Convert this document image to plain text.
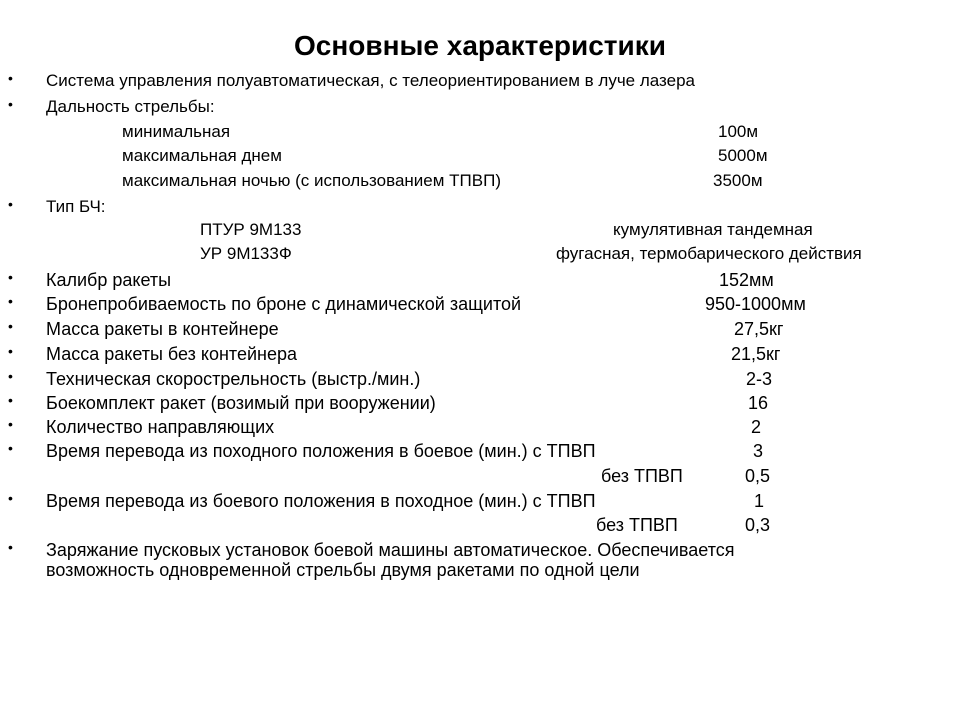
Основные характеристики
•
•
•
•
•
•
•
•
•
•
•
•
•
Система управления полуавтоматическая, с телеориентированием в луче лазера
Дальность стрельбы:
минимальная	100м
максимальная днем	5000м
максимальная ночью (с использованием ТПВП)	3500м
Тип БЧ:
ПТУР 9М133	кумулятивная тандемная
УР 9М133Ф	фугасная, термобарического действия
Калибр ракеты	152мм
Бронепробиваемость по броне с динамической защитой	950-1000мм
Масса ракеты в контейнере	27,5кг
Масса ракеты без контейнера	21,5кг
Техническая скорострельность (выстр./мин.)	2-3
Боекомплект ракет (возимый при вооружении)	16
Количество направляющих	2
Время перевода из походного положения в боевое (мин.) с ТПВП	3
без ТПВП	0,5
Время перевода из боевого положения в походное (мин.) с ТПВП	1
без ТПВП	0,3
Заряжание пусковых установок боевой машины автоматическое. Обеспечивается
возможность одновременной стрельбы двумя ракетами по одной цели
